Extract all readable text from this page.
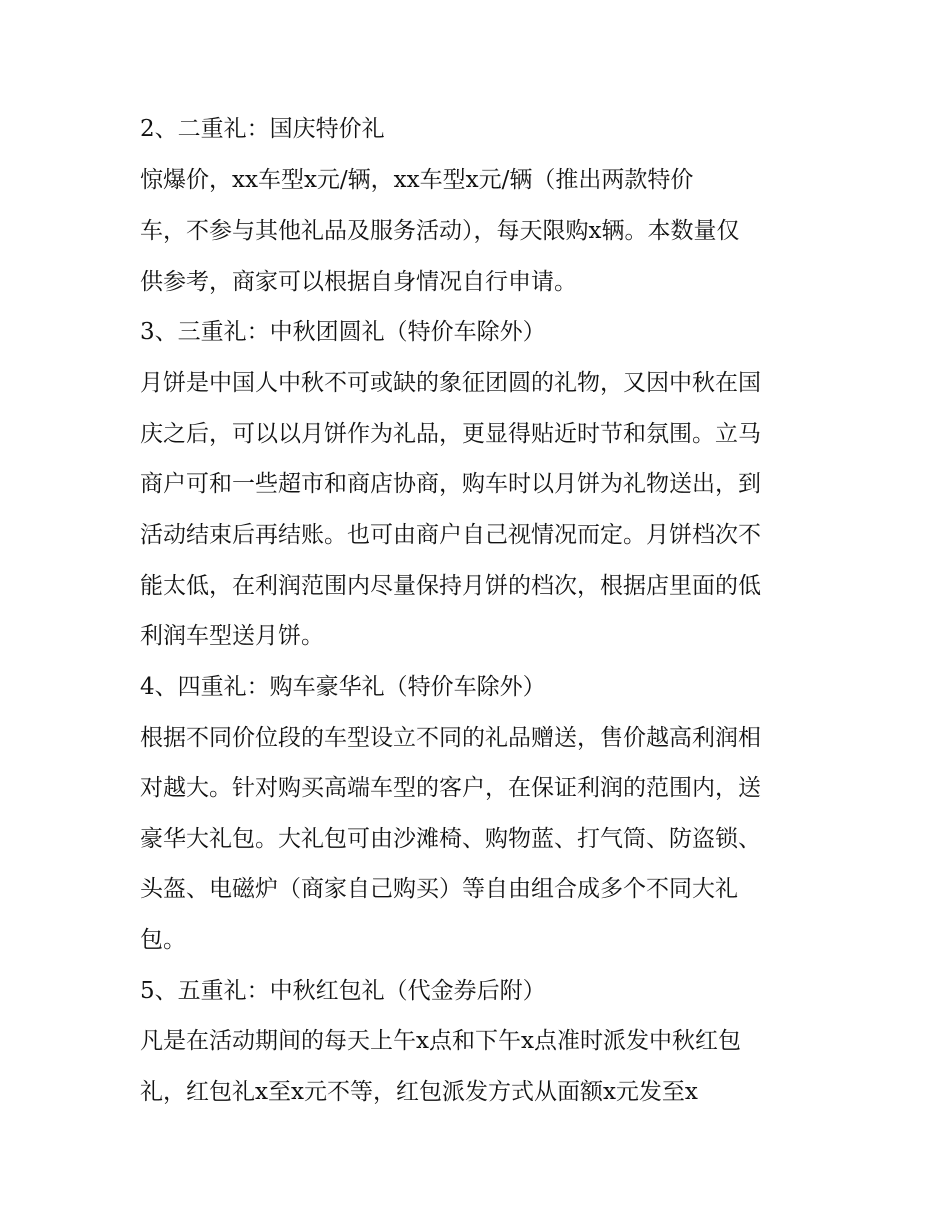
2、二重礼：国庆特价礼

惊爆价，xx车型x元/辆，xx车型x元/辆（推出两款特价

车，不参与其他礼品及服务活动），每天限购x辆。本数量仅

供参考，商家可以根据自身情况自行申请。

3、三重礼：中秋团圆礼（特价车除外）

月饼是中国人中秋不可或缺的象征团圆的礼物，又因中秋在国

庆之后，可以以月饼作为礼品，更显得贴近时节和氛围。立马

商户可和一些超市和商店协商，购车时以月饼为礼物送出，到

活动结束后再结账。也可由商户自己视情况而定。月饼档次不

能太低，在利润范围内尽量保持月饼的档次，根据店里面的低

利润车型送月饼。

4、四重礼：购车豪华礼（特价车除外）

根据不同价位段的车型设立不同的礼品赠送，售价越高利润相

对越大。针对购买高端车型的客户，在保证利润的范围内，送

豪华大礼包。大礼包可由沙滩椅、购物蓝、打气筒、防盗锁、

头盔、电磁炉（商家自己购买）等自由组合成多个不同大礼

包。

5、五重礼：中秋红包礼（代金券后附）

凡是在活动期间的每天上午x点和下午x点准时派发中秋红包

礼，红包礼x至x元不等，红包派发方式从面额x元发至x
